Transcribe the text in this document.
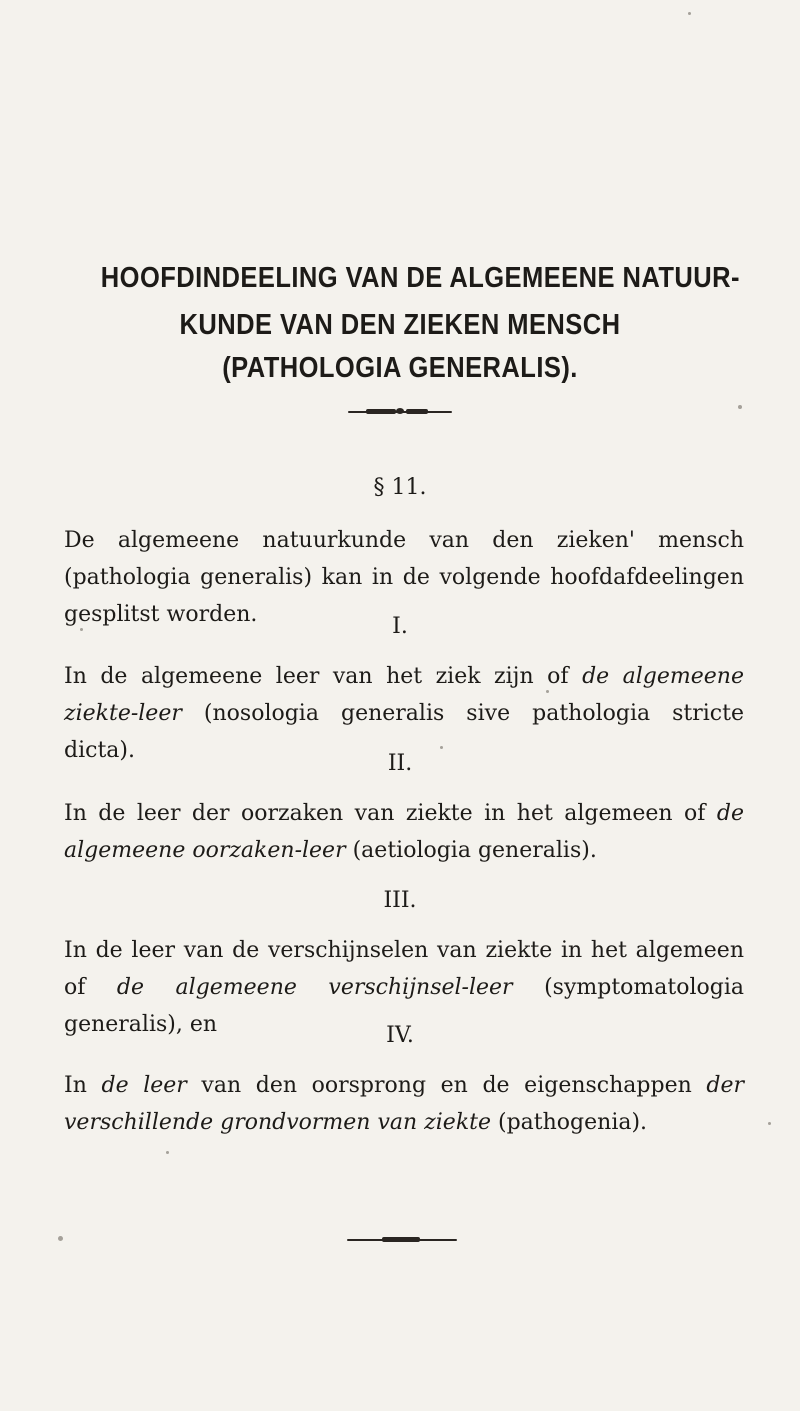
HOOFDINDEELING VAN DE ALGEMEENE NATUUR-
KUNDE VAN DEN ZIEKEN MENSCH
(PATHOLOGIA GENERALIS).
§ 11.
De algemeene natuurkunde van den zieken' mensch (pathologia generalis) kan in de volgende hoofdafdeelingen gesplitst worden.	I.
In de algemeene leer van het ziek zijn of de algemeene ziekte-leer (nosologia generalis sive pathologia stricte dicta).
II.
In de leer der oorzaken van ziekte in het algemeen of de algemeene oorzaken-leer (aetiologia generalis).
III.
In de leer van de verschijnselen van ziekte in het algemeen of de algemeene verschijnsel-leer (symptomatologia generalis), en	IV.
In de leer van den oorsprong en de eigenschappen der verschillende grondvormen van ziekte (pathogenia).
